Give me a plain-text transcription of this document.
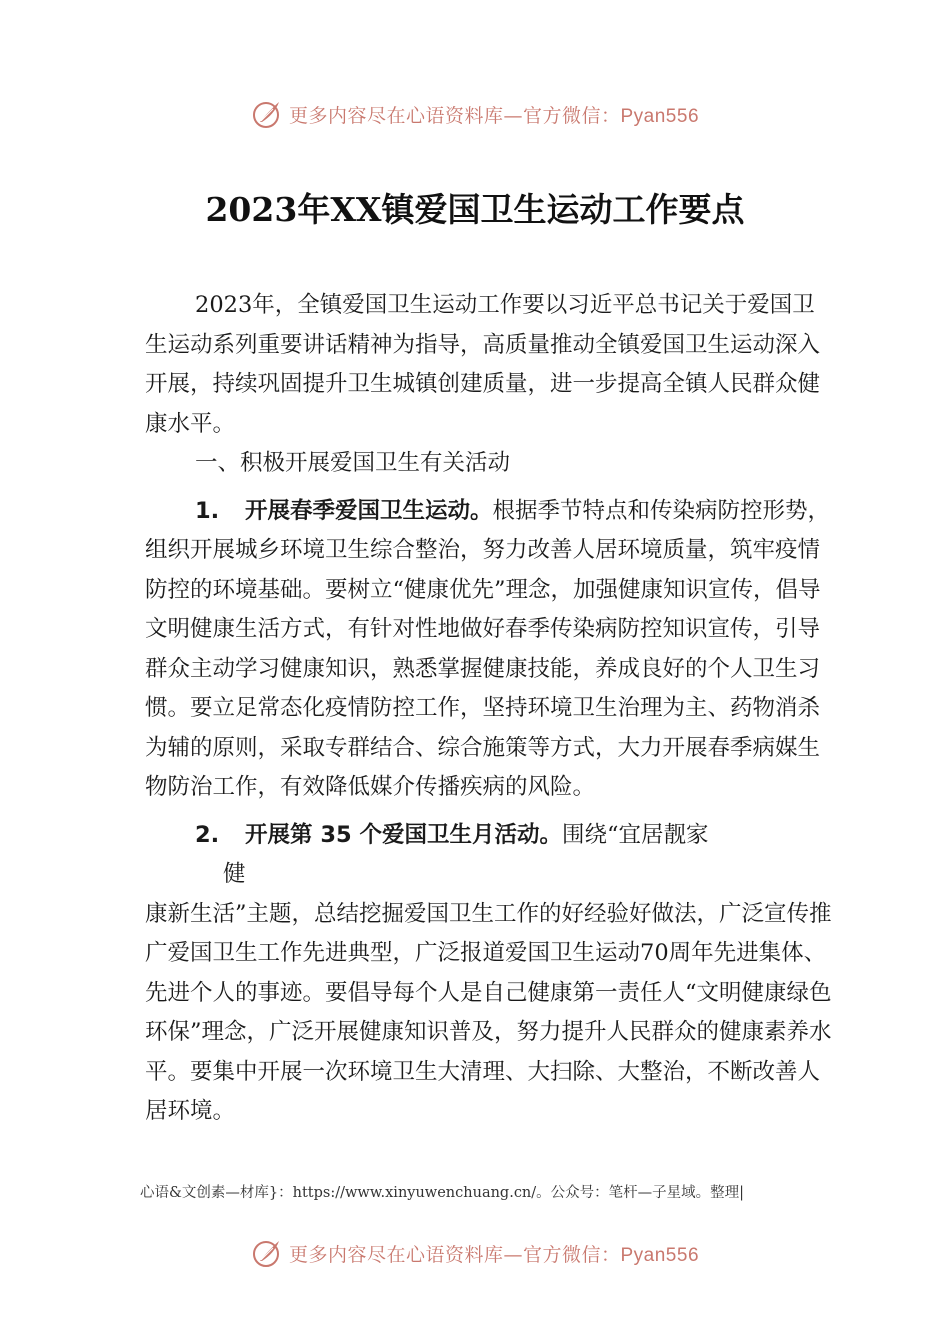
更多内容尽在心语资料库—官方微信：Pyan556
2023年XX镇爱国卫生运动工作要点

2023年，全镇爱国卫生运动工作要以习近平总书记关于爱国卫生运动系列重要讲话精神为指导，高质量推动全镇爱国卫生运动深入开展，持续巩固提升卫生城镇创建质量，进一步提高全镇人民群众健康水平。

一、积极开展爱国卫生有关活动

1. 开展春季爱国卫生运动。根据季节特点和传染病防控形势，组织开展城乡环境卫生综合整治，努力改善人居环境质量，筑牢疫情防控的环境基础。要树立“健康优先”理念，加强健康知识宣传，倡导文明健康生活方式，有针对性地做好春季传染病防控知识宣传，引导群众主动学习健康知识，熟悉掌握健康技能，养成良好的个人卫生习惯。要立足常态化疫情防控工作，坚持环境卫生治理为主、药物消杀为辅的原则，采取专群结合、综合施策等方式，大力开展春季病媒生物防治工作，有效降低媒介传播疾病的风险。

2. 开展第 35 个爱国卫生月活动。围绕“宜居靓家

健

康新生活”主题，总结挖掘爱国卫生工作的好经验好做法，广泛宣传推广爱国卫生工作先进典型，广泛报道爱国卫生运动70周年先进集体、先进个人的事迹。要倡导每个人是自己健康第一责任人“文明健康绿色环保”理念，广泛开展健康知识普及，努力提升人民群众的健康素养水平。要集中开展一次环境卫生大清理、大扫除、大整治，不断改善人居环境。

心语&文创素—材库}：https://www.xinyuwenchuang.cn/。公众号：笔杆—子星域。整理|
更多内容尽在心语资料库—官方微信：Pyan556
